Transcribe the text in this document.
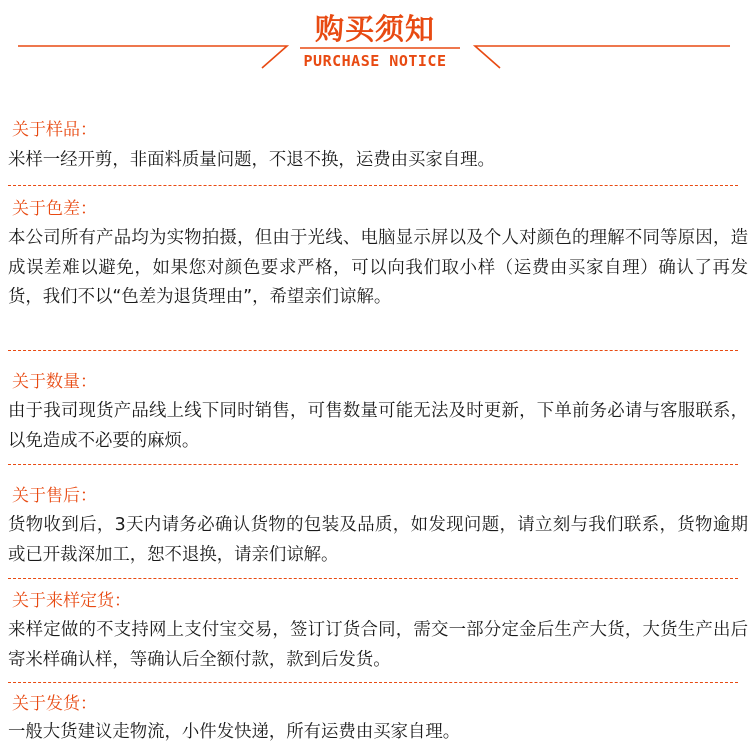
购买须知
PURCHASE NOTICE
关于样品：

米样一经开剪，非面料质量问题，不退不换，运费由买家自理。

关于色差：

本公司所有产品均为实物拍摄，但由于光线、电脑显示屏以及个人对颜色的理解不同等原因，造成误差难以避免，如果您对颜色要求严格，可以向我们取小样（运费由买家自理）确认了再发货，我们不以“色差为退货理由”，希望亲们谅解。

关于数量：

由于我司现货产品线上线下同时销售，可售数量可能无法及时更新，下单前务必请与客服联系，以免造成不必要的麻烦。

关于售后：

货物收到后，3天内请务必确认货物的包装及品质，如发现问题，请立刻与我们联系，货物逾期或已开裁深加工，恕不退换，请亲们谅解。

关于来样定货：

来样定做的不支持网上支付宝交易，签订订货合同，需交一部分定金后生产大货，大货生产出后寄米样确认样，等确认后全额付款，款到后发货。

关于发货：

一般大货建议走物流，小件发快递，所有运费由买家自理。
